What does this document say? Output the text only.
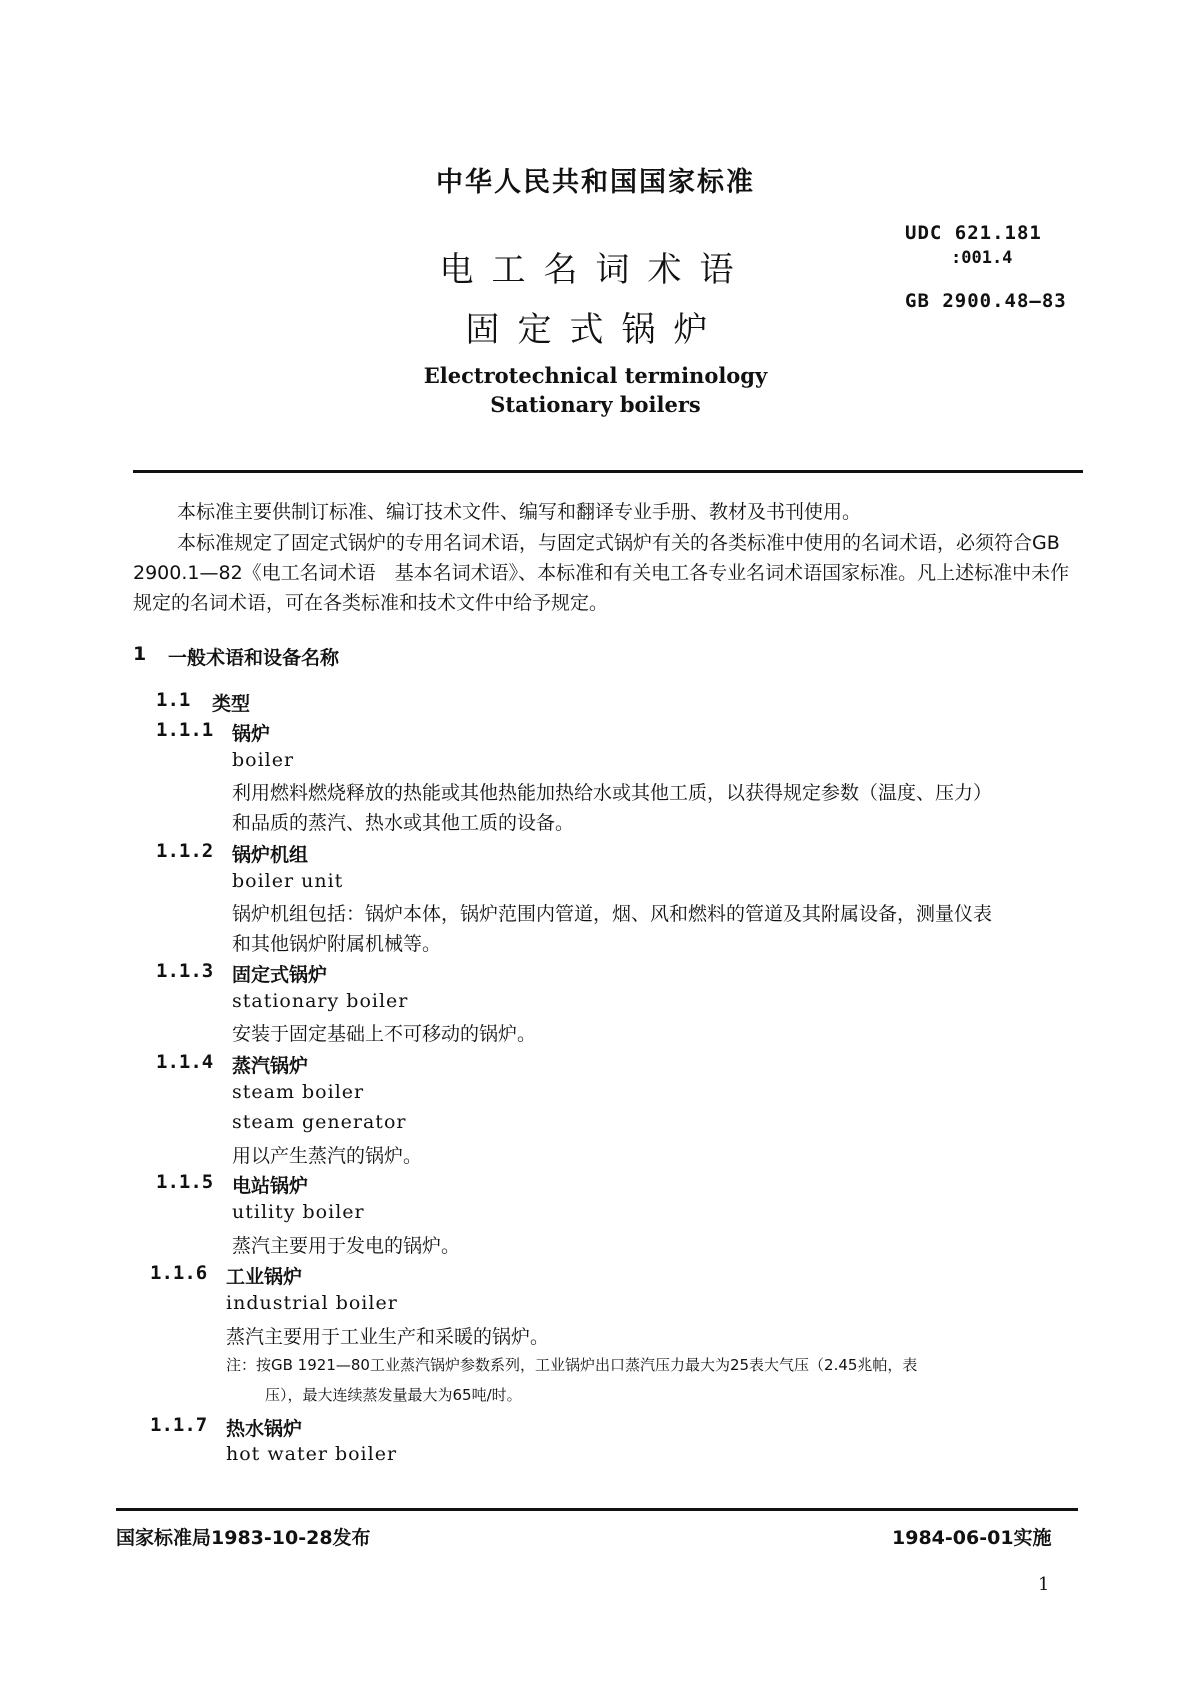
中华人民共和国国家标准
电工名词术语
固定式锅炉
Electrotechnical terminology
Stationary boilers
UDC 621.181
:001.4
GB 2900.48—83
本标准主要供制订标准、编订技术文件、编写和翻译专业手册、教材及书刊使用。
本标准规定了固定式锅炉的专用名词术语，与固定式锅炉有关的各类标准中使用的名词术语，必须符合GB 2900.1—82《电工名词术语　基本名词术语》、本标准和有关电工各专业名词术语国家标准。凡上述标准中未作规定的名词术语，可在各类标准和技术文件中给予规定。
1 一般术语和设备名称
1.1 类型
1.1.1 锅炉
boiler
利用燃料燃烧释放的热能或其他热能加热给水或其他工质，以获得规定参数（温度、压力）
和品质的蒸汽、热水或其他工质的设备。
1.1.2 锅炉机组
boiler unit
锅炉机组包括：锅炉本体，锅炉范围内管道，烟、风和燃料的管道及其附属设备，测量仪表
和其他锅炉附属机械等。
1.1.3 固定式锅炉
stationary boiler
安装于固定基础上不可移动的锅炉。
1.1.4 蒸汽锅炉
steam boiler
steam generator
用以产生蒸汽的锅炉。
1.1.5 电站锅炉
utility boiler
蒸汽主要用于发电的锅炉。
1.1.6 工业锅炉
industrial boiler
蒸汽主要用于工业生产和采暖的锅炉。
注：按GB 1921—80工业蒸汽锅炉参数系列，工业锅炉出口蒸汽压力最大为25表大气压（2.45兆帕，表
压），最大连续蒸发量最大为65吨/时。
1.1.7 热水锅炉
hot water boiler
国家标准局1983-10-28发布	1984-06-01实施
1
